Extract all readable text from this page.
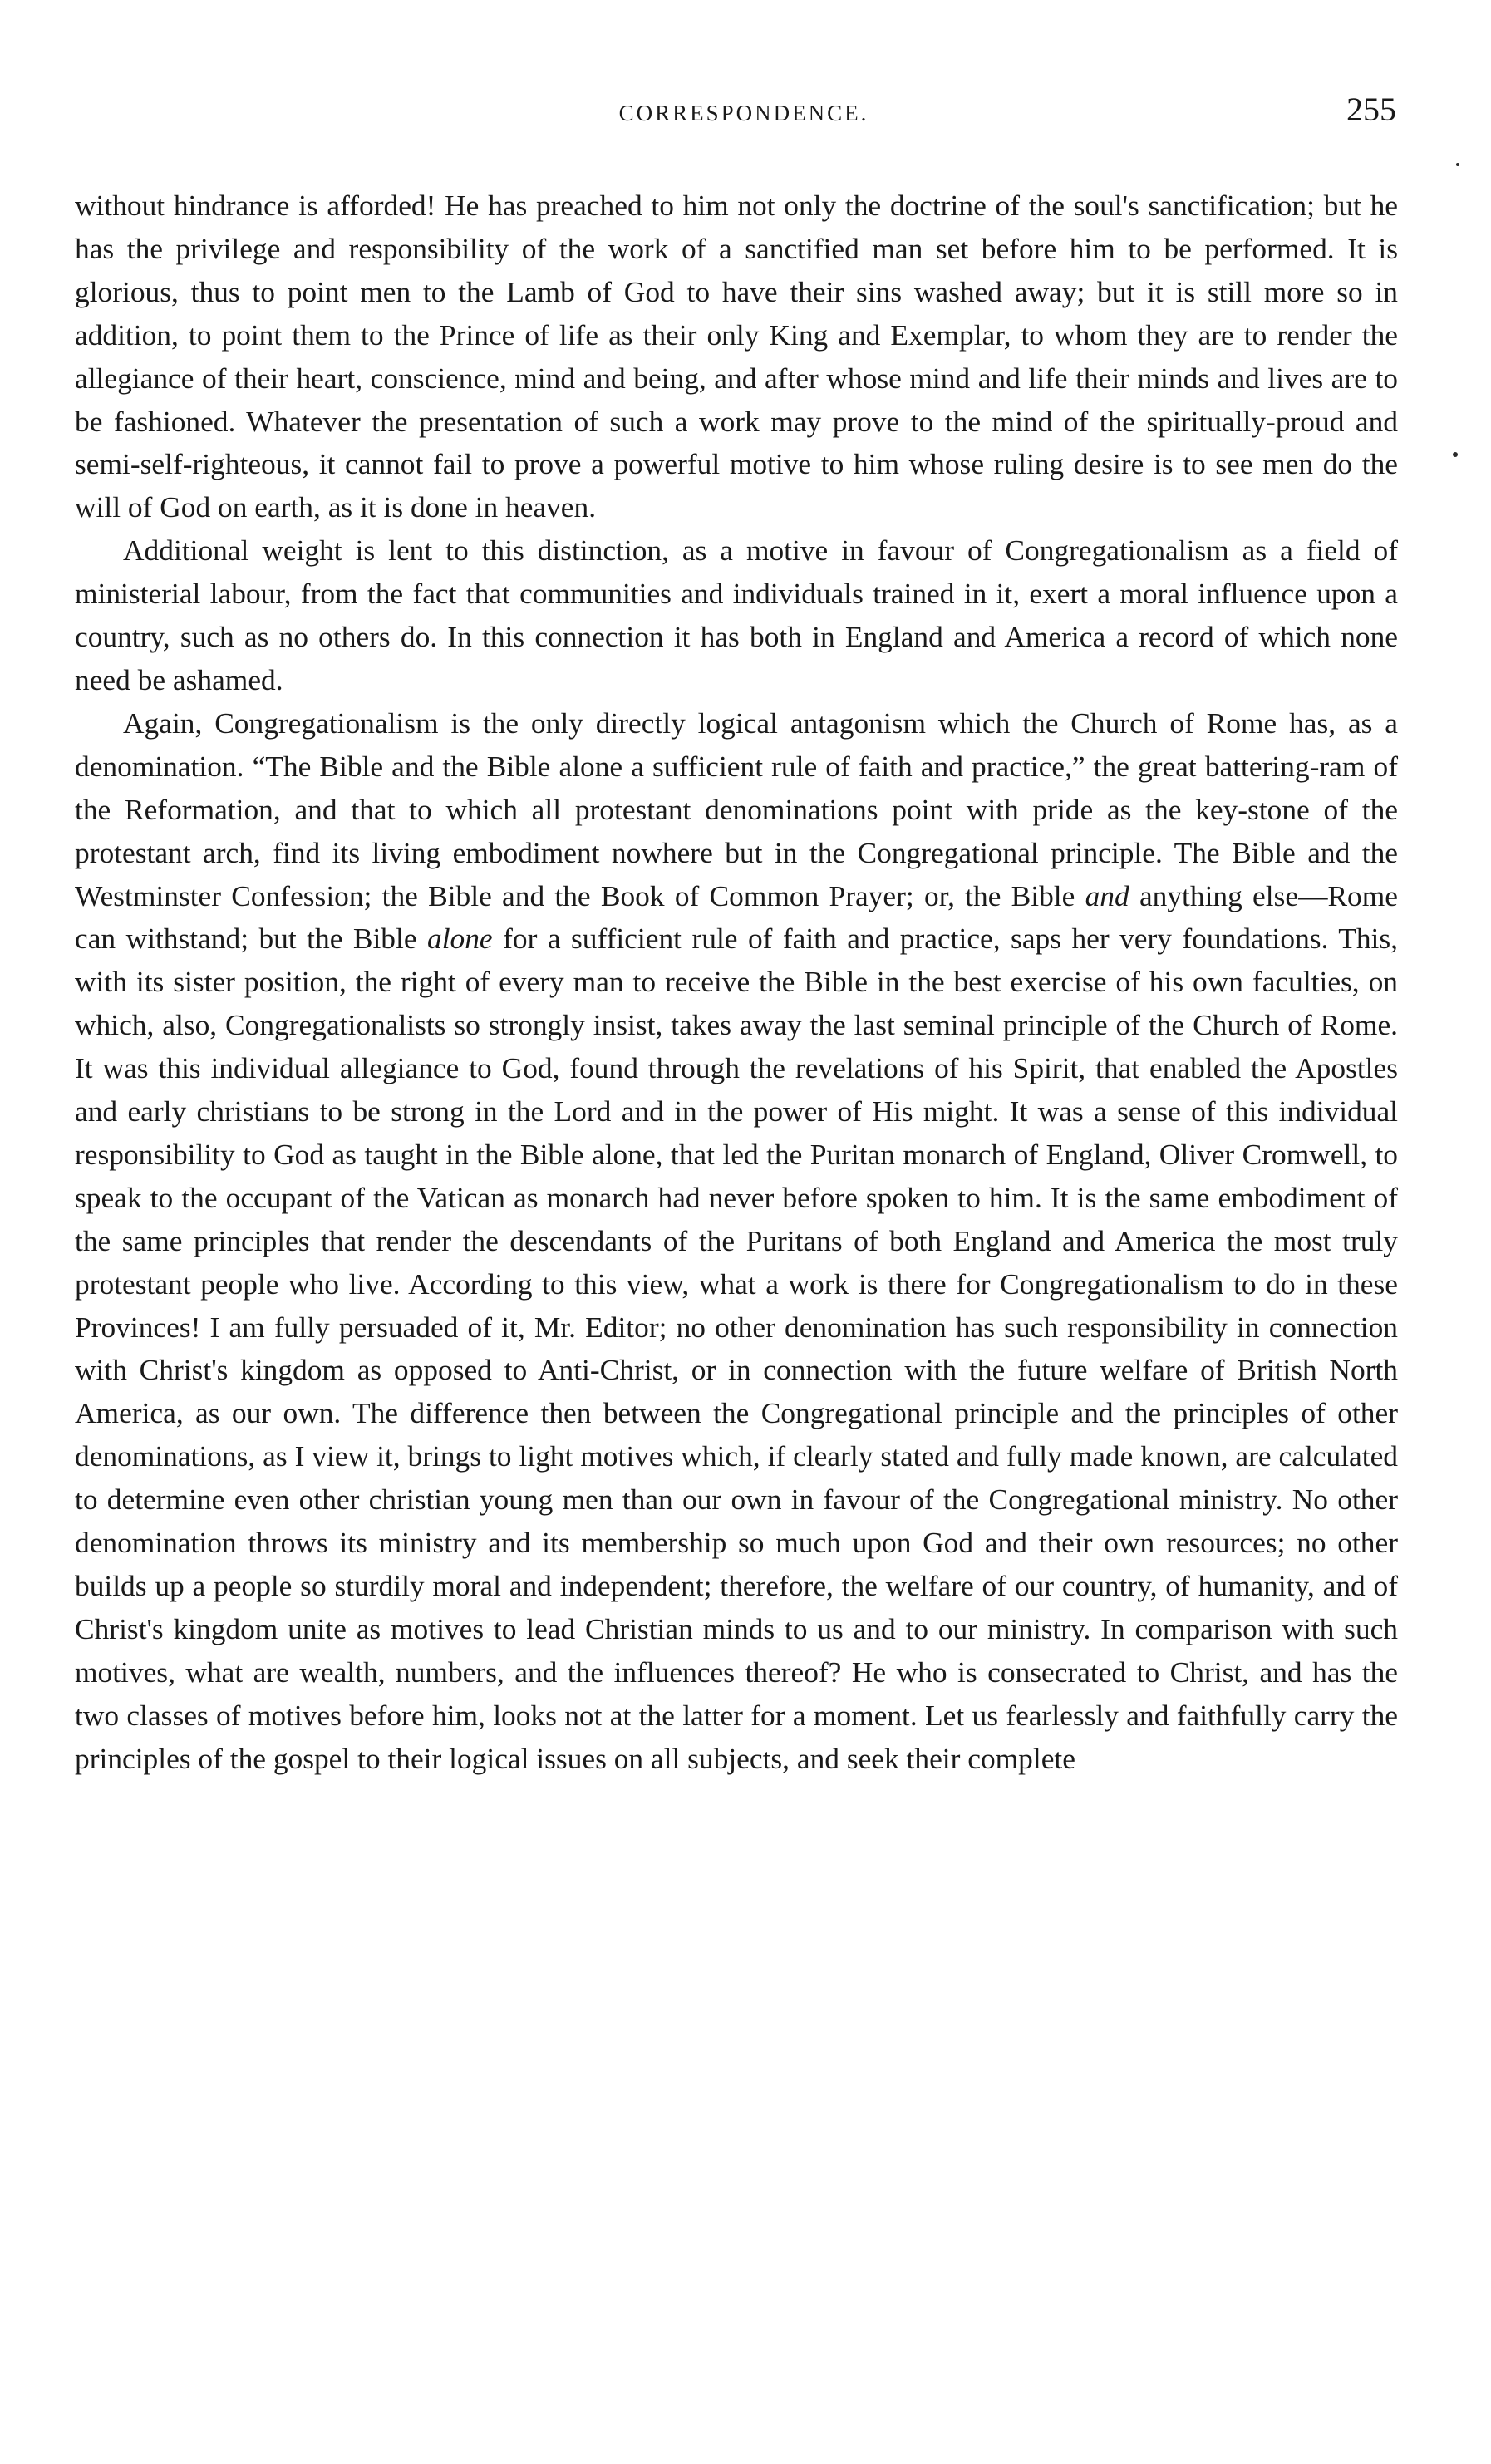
CORRESPONDENCE.	255

without hindrance is afforded! He has preached to him not only the doctrine of the soul's sanctification; but he has the privilege and responsibility of the work of a sanctified man set before him to be performed. It is glorious, thus to point men to the Lamb of God to have their sins washed away; but it is still more so in addition, to point them to the Prince of life as their only King and Exemplar, to whom they are to render the allegiance of their heart, conscience, mind and being, and after whose mind and life their minds and lives are to be fashioned. Whatever the presentation of such a work may prove to the mind of the spiritually-proud and semi-self-righteous, it cannot fail to prove a powerful motive to him whose ruling desire is to see men do the will of God on earth, as it is done in heaven.

Additional weight is lent to this distinction, as a motive in favour of Congregationalism as a field of ministerial labour, from the fact that communities and individuals trained in it, exert a moral influence upon a country, such as no others do. In this connection it has both in England and America a record of which none need be ashamed.

Again, Congregationalism is the only directly logical antagonism which the Church of Rome has, as a denomination. “The Bible and the Bible alone a sufficient rule of faith and practice,” the great battering-ram of the Reformation, and that to which all protestant denominations point with pride as the key-stone of the protestant arch, find its living embodiment nowhere but in the Congregational principle. The Bible and the Westminster Confession; the Bible and the Book of Common Prayer; or, the Bible and anything else—Rome can withstand; but the Bible alone for a sufficient rule of faith and practice, saps her very foundations. This, with its sister position, the right of every man to receive the Bible in the best exercise of his own faculties, on which, also, Congregationalists so strongly insist, takes away the last seminal principle of the Church of Rome. It was this individual allegiance to God, found through the revelations of his Spirit, that enabled the Apostles and early christians to be strong in the Lord and in the power of His might. It was a sense of this individual responsibility to God as taught in the Bible alone, that led the Puritan monarch of England, Oliver Cromwell, to speak to the occupant of the Vatican as monarch had never before spoken to him. It is the same embodiment of the same principles that render the descendants of the Puritans of both England and America the most truly protestant people who live. According to this view, what a work is there for Congregationalism to do in these Provinces! I am fully persuaded of it, Mr. Editor; no other denomination has such responsibility in connection with Christ's kingdom as opposed to Anti-Christ, or in connection with the future welfare of British North America, as our own. The difference then between the Congregational principle and the principles of other denominations, as I view it, brings to light motives which, if clearly stated and fully made known, are calculated to determine even other christian young men than our own in favour of the Congregational ministry. No other denomination throws its ministry and its membership so much upon God and their own resources; no other builds up a people so sturdily moral and independent; therefore, the welfare of our country, of humanity, and of Christ's kingdom unite as motives to lead Christian minds to us and to our ministry. In comparison with such motives, what are wealth, numbers, and the influences thereof? He who is consecrated to Christ, and has the two classes of motives before him, looks not at the latter for a moment. Let us fearlessly and faithfully carry the principles of the gospel to their logical issues on all subjects, and seek their complete
